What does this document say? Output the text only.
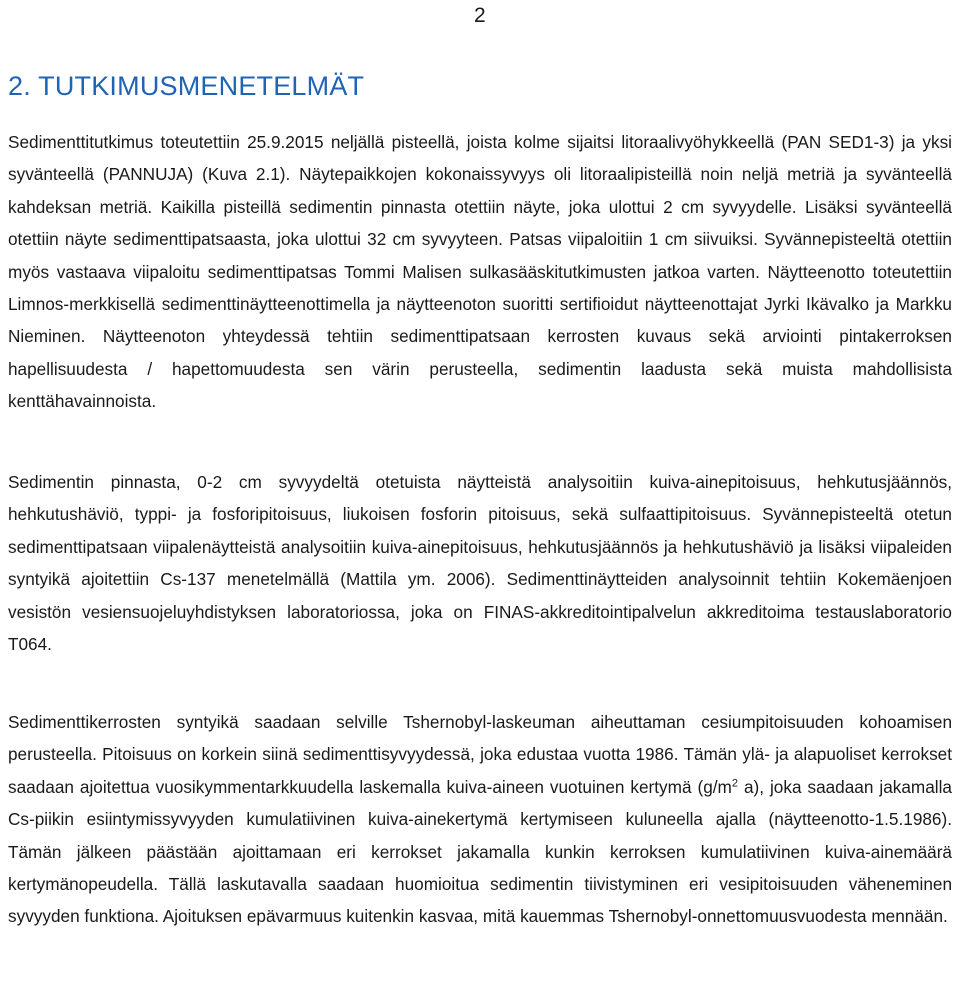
2
2. TUTKIMUSMENETELMÄT

Sedimenttitutkimus toteutettiin 25.9.2015 neljällä pisteellä, joista kolme sijaitsi litoraalivyöhykkeellä (PAN SED1-3) ja yksi syvänteellä (PANNUJA) (Kuva 2.1). Näytepaikkojen kokonaissyvyys oli litoraalipisteillä noin neljä metriä ja syvänteellä kahdeksan metriä. Kaikilla pisteillä sedimentin pinnasta otettiin näyte, joka ulottui 2 cm syvyydelle. Lisäksi syvänteellä otettiin näyte sedimenttipatsaasta, joka ulottui 32 cm syvyyteen. Patsas viipaloitiin 1 cm siivuiksi. Syvännepisteeltä otettiin myös vastaava viipaloitu sedimenttipatsas Tommi Malisen sulkasääskitutkimusten jatkoa varten. Näytteenotto toteutettiin Limnos-merkkisellä sedimenttinäytteenottimella ja näytteenoton suoritti sertifioidut näytteenottajat Jyrki Ikävalko ja Markku Nieminen. Näytteenoton yhteydessä tehtiin sedimenttipatsaan kerrosten kuvaus sekä arviointi pintakerroksen hapellisuudesta / hapettomuudesta sen värin perusteella, sedimentin laadusta sekä muista mahdollisista kenttähavainnoista.

Sedimentin pinnasta, 0-2 cm syvyydeltä otetuista näytteistä analysoitiin kuiva-ainepitoisuus, hehkutusjäännös, hehkutushäviö, typpi- ja fosforipitoisuus, liukoisen fosforin pitoisuus, sekä sulfaattipitoisuus. Syvännepisteeltä otetun sedimenttipatsaan viipalenäytteistä analysoitiin kuiva-ainepitoisuus, hehkutusjäännös ja hehkutushäviö ja lisäksi viipaleiden syntyikä ajoitettiin Cs-137 menetelmällä (Mattila ym. 2006). Sedimenttinäytteiden analysoinnit tehtiin Kokemäenjoen vesistön vesiensuojeluyhdistyksen laboratoriossa, joka on FINAS-akkreditointipalvelun akkreditoima testauslaboratorio T064.

Sedimenttikerrosten syntyikä saadaan selville Tshernobyl-laskeuman aiheuttaman cesiumpitoisuuden kohoamisen perusteella. Pitoisuus on korkein siinä sedimenttisyvyydessä, joka edustaa vuotta 1986. Tämän ylä- ja alapuoliset kerrokset saadaan ajoitettua vuosikymmentarkkuudella laskemalla kuiva-aineen vuotuinen kertymä ($g/m^2$ a), joka saadaan jakamalla Cs-piikin esiintymissyvyyden kumulatiivinen kuiva-ainekertymä kertymiseen kuluneella ajalla (näytteenotto-1.5.1986). Tämän jälkeen päästään ajoittamaan eri kerrokset jakamalla kunkin kerroksen kumulatiivinen kuiva-ainemäärä kertymänopeudella. Tällä laskutavalla saadaan huomioitua sedimentin tiivistyminen eri vesipitoisuuden väheneminen syvyyden funktiona. Ajoituksen epävarmuus kuitenkin kasvaa, mitä kauemmas Tshernobyl-onnettomuusvuodesta mennään.
